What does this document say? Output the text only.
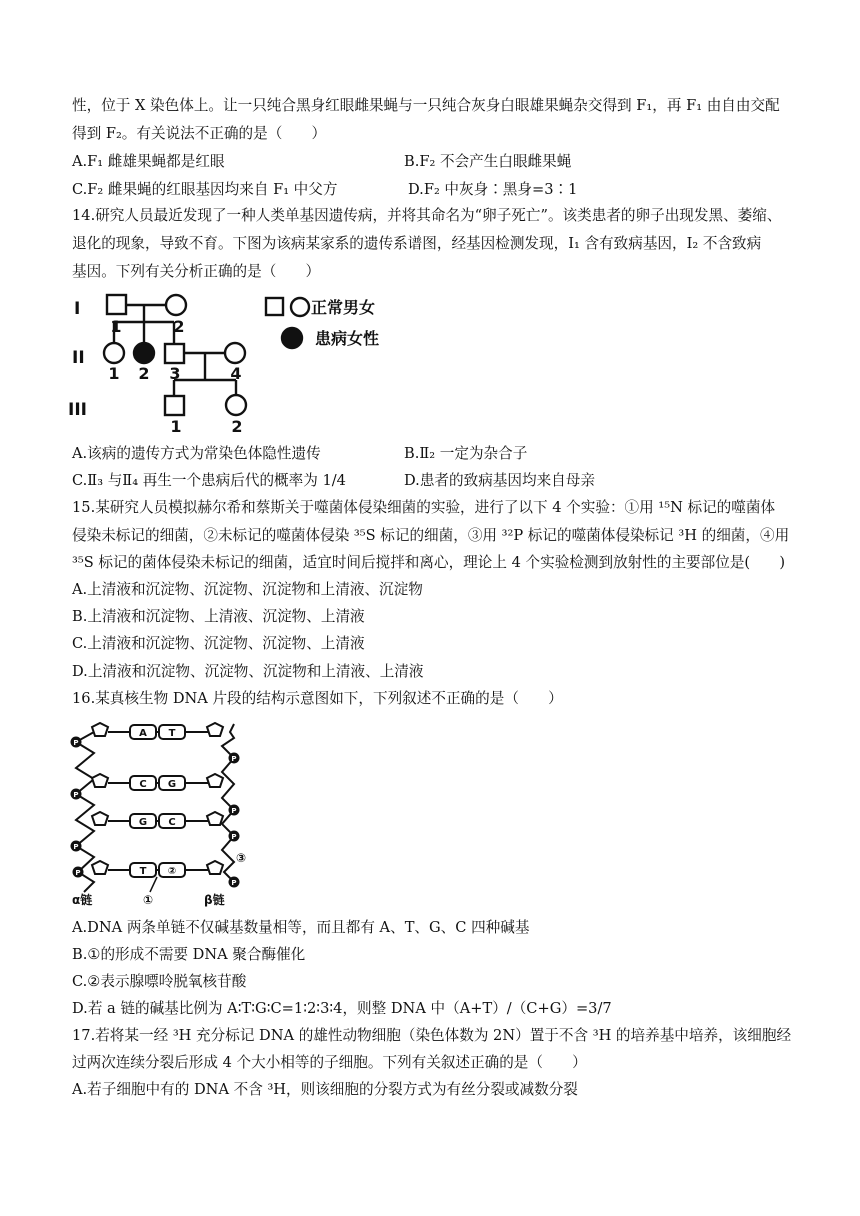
性，位于 X 染色体上。让一只纯合黑身红眼雌果蝇与一只纯合灰身白眼雄果蝇杂交得到 F₁，再 F₁ 由自由交配
得到 F₂。有关说法不正确的是（　　）
A.F₁ 雌雄果蝇都是红眼	B.F₂ 不会产生白眼雌果蝇
C.F₂ 雌果蝇的红眼基因均来自 F₁ 中父方	D.F₂ 中灰身∶黑身=3∶1
14.研究人员最近发现了一种人类单基因遗传病，并将其命名为“卵子死亡”。该类患者的卵子出现发黑、萎缩、
退化的现象，导致不育。下图为该病某家系的遗传系谱图，经基因检测发现，Ⅰ₁ 含有致病基因，Ⅰ₂ 不含致病
基因。下列有关分析正确的是（　　）
I
II
III
1	2
1 2 3	4
1	2
正常男女
患病女性
A.该病的遗传方式为常染色体隐性遗传	B.Ⅱ₂ 一定为杂合子
C.Ⅱ₃ 与Ⅱ₄ 再生一个患病后代的概率为 1/4	D.患者的致病基因均来自母亲
15.某研究人员模拟赫尔希和蔡斯关于噬菌体侵染细菌的实验，进行了以下 4 个实验：①用 ¹⁵N 标记的噬菌体
侵染未标记的细菌，②未标记的噬菌体侵染 ³⁵S 标记的细菌，③用 ³²P 标记的噬菌体侵染标记 ³H 的细菌，④用
³⁵S 标记的菌体侵染未标记的细菌，适宜时间后搅拌和离心，理论上 4 个实验检测到放射性的主要部位是(　　)
A.上清液和沉淀物、沉淀物、沉淀物和上清液、沉淀物
B.上清液和沉淀物、上清液、沉淀物、上清液
C.上清液和沉淀物、沉淀物、沉淀物、上清液
D.上清液和沉淀物、沉淀物、沉淀物和上清液、上清液
16.某真核生物 DNA 片段的结构示意图如下，下列叙述不正确的是（　　）
A T
C G
G C
T ②
P
P
P
P
P
P
P
P
①
③
α链	β链
A.DNA 两条单链不仅碱基数量相等，而且都有 A、T、G、C 四种碱基
B.①的形成不需要 DNA 聚合酶催化
C.②表示腺嘌呤脱氧核苷酸
D.若 a 链的碱基比例为 A∶T∶G∶C=1∶2∶3∶4，则整 DNA 中（A+T）/（C+G）=3/7
17.若将某一经 ³H 充分标记 DNA 的雄性动物细胞（染色体数为 2N）置于不含 ³H 的培养基中培养，该细胞经
过两次连续分裂后形成 4 个大小相等的子细胞。下列有关叙述正确的是（　　）
A.若子细胞中有的 DNA 不含 ³H，则该细胞的分裂方式为有丝分裂或减数分裂
